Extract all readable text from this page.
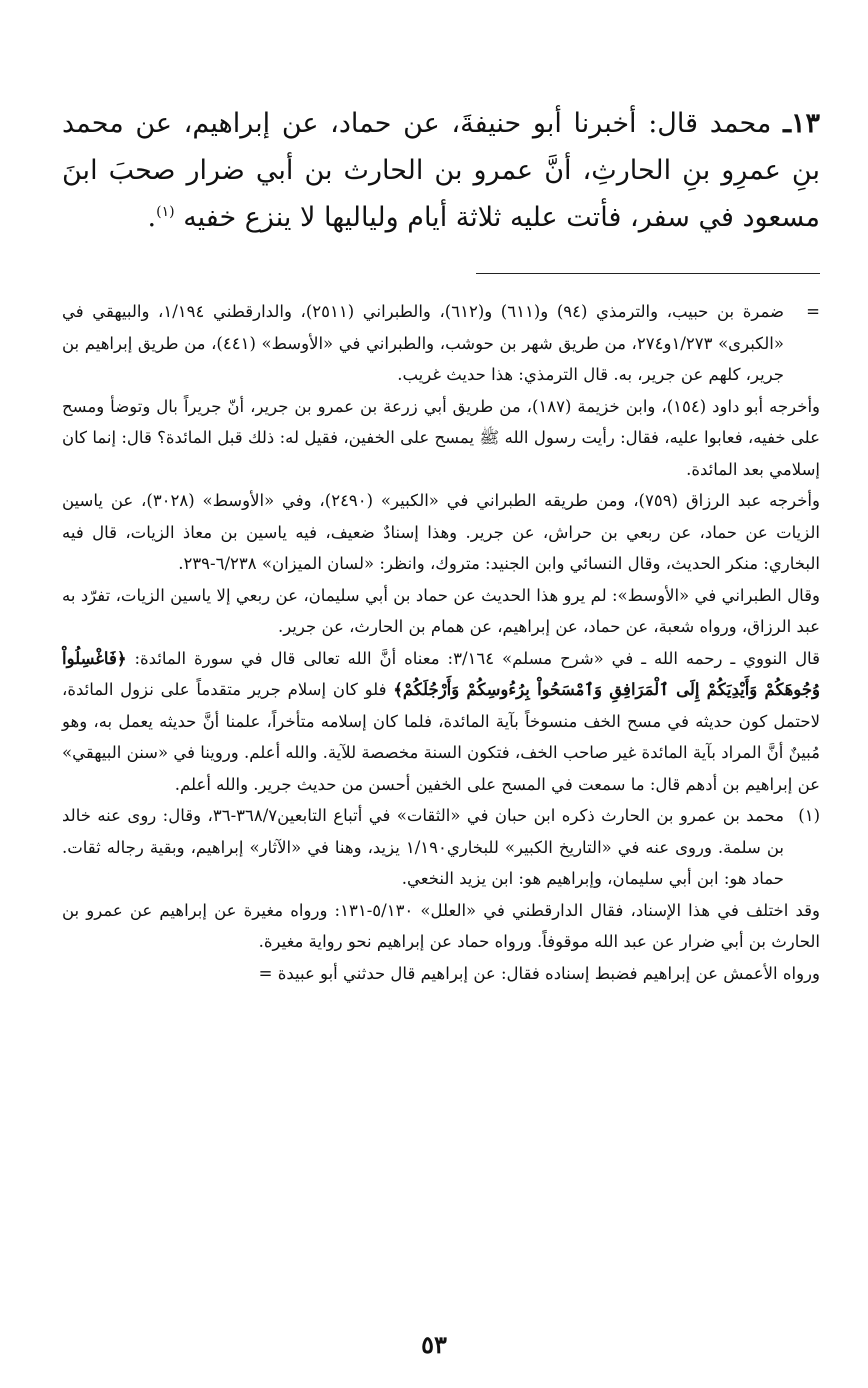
١٣ـ محمد قال: أخبرنا أبو حنيفةَ، عن حماد، عن إبراهيم، عن محمد بنِ عمرِو بنِ الحارثِ، أنَّ عمرو بن الحارث بن أبي ضرار صحبَ ابنَ مسعود في سفر، فأتت عليه ثلاثة أيام ولياليها لا ينزع خفيه $^{(١)}$.

=
ضمرة بن حبيب، والترمذي (٩٤) و(٦١١) و(٦١٢)، والطبراني (٢٥١١)، والدارقطني ١/١٩٤، والبيهقي في «الكبرى» ١/٢٧٣و٢٧٤، من طريق شهر بن حوشب، والطبراني في «الأوسط» (٤٤١)، من طريق إبراهيم بن جرير، كلهم عن جرير، به. قال الترمذي: هذا حديث غريب.

وأخرجه أبو داود (١٥٤)، وابن خزيمة (١٨٧)، من طريق أبي زرعة بن عمرو بن جرير، أنّ جريراً بال وتوضأ ومسح على خفيه، فعابوا عليه، فقال: رأيت رسول الله ﷺ يمسح على الخفين، فقيل له: ذلك قبل المائدة؟ قال: إنما كان إسلامي بعد المائدة.

وأخرجه عبد الرزاق (٧٥٩)، ومن طريقه الطبراني في «الكبير» (٢٤٩٠)، وفي «الأوسط» (٣٠٢٨)، عن ياسين الزيات عن حماد، عن ربعي بن حراش، عن جرير. وهذا إسنادٌ ضعيف، فيه ياسين بن معاذ الزيات، قال فيه البخاري: منكر الحديث، وقال النسائي وابن الجنيد: متروك، وانظر: «لسان الميزان» ٦/٢٣٨-٢٣٩.

وقال الطبراني في «الأوسط»: لم يرو هذا الحديث عن حماد بن أبي سليمان، عن ربعي إلا ياسين الزيات، تفرّد به عبد الرزاق، ورواه شعبة، عن حماد، عن إبراهيم، عن همام بن الحارث، عن جرير.

قال النووي ـ رحمه الله ـ في «شرح مسلم» ٣/١٦٤: معناه أنَّ الله تعالى قال في سورة المائدة: ﴿فَاغْسِلُواْ وُجُوهَكُمْ وَأَيْدِيَكُمْ إِلَى ٱلْمَرَافِقِ وَٱمْسَحُواْ بِرُءُوسِكُمْ وَأَرْجُلَكُمْ﴾ فلو كان إسلام جرير متقدماً على نزول المائدة، لاحتمل كون حديثه في مسح الخف منسوخاً بآية المائدة، فلما كان إسلامه متأخراً، علمنا أنَّ حديثه يعمل به، وهو مُبينٌ أنَّ المراد بآية المائدة غير صاحب الخف، فتكون السنة مخصصة للآية. والله أعلم. وروينا في «سنن البيهقي» عن إبراهيم بن أدهم قال: ما سمعت في المسح على الخفين أحسن من حديث جرير. والله أعلم.

(١)
محمد بن عمرو بن الحارث ذكره ابن حبان في «الثقات» في أتباع التابعين٣٦٨/٧-٣٦، وقال: روى عنه خالد بن سلمة. وروى عنه في «التاريخ الكبير» للبخاري١/١٩٠ يزيد، وهنا في «الآثار» إبراهيم، وبقية رجاله ثقات. حماد هو: ابن أبي سليمان، وإبراهيم هو: ابن يزيد النخعي.

وقد اختلف في هذا الإسناد، فقال الدارقطني في «العلل» ٥/١٣٠-١٣١: ورواه مغيرة عن إبراهيم عن عمرو بن الحارث بن أبي ضرار عن عبد الله موقوفاً. ورواه حماد عن إبراهيم نحو رواية مغيرة.

ورواه الأعمش عن إبراهيم فضبط إسناده فقال: عن إبراهيم قال حدثني أبو عبيدة =

٥٣
